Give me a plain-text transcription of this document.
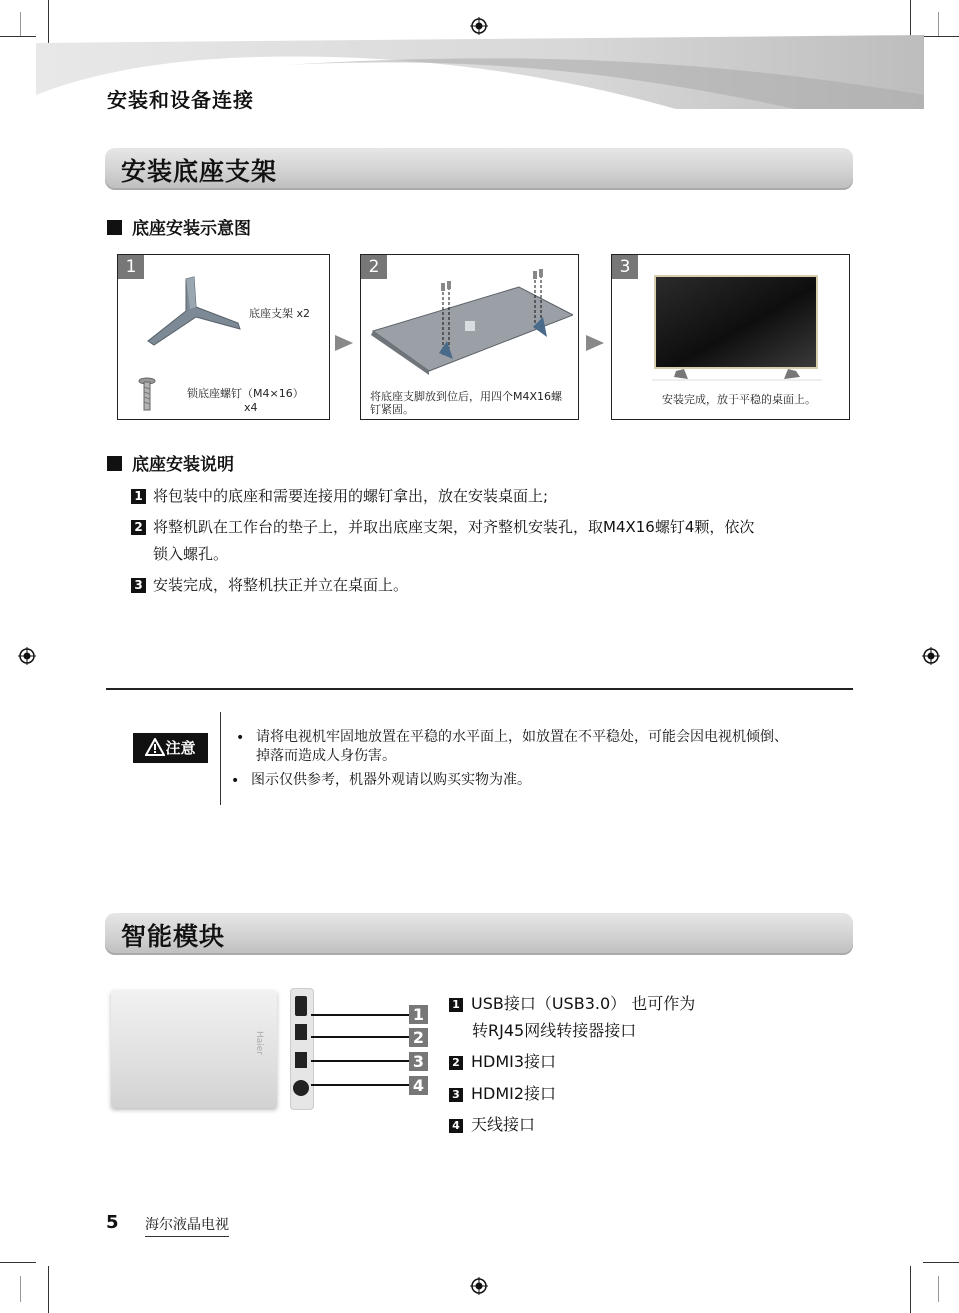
安装和设备连接
安装底座支架
底座安装示意图
1
底座支架 x2
锁底座螺钉（M4×16）
x4
2
将底座支脚放到位后，用四个M4X16螺钉紧固。
3
安装完成，放于平稳的桌面上。
底座安装说明
1 将包装中的底座和需要连接用的螺钉拿出，放在安装桌面上;
2 将整机趴在工作台的垫子上，并取出底座支架，对齐整机安装孔，取M4X16螺钉4颗，依次
锁入螺孔。
3 安装完成，将整机扶正并立在桌面上。
注意
• 请将电视机牢固地放置在平稳的水平面上，如放置在不平稳处，可能会因电视机倾倒、
掉落而造成人身伤害。
• 图示仅供参考，机器外观请以购买实物为准。
智能模块
Haier
1
2
3
4
1 USB接口（USB3.0） 也可作为
转RJ45网线转接器接口
2 HDMI3接口
3 HDMI2接口
4 天线接口
5 海尔液晶电视
